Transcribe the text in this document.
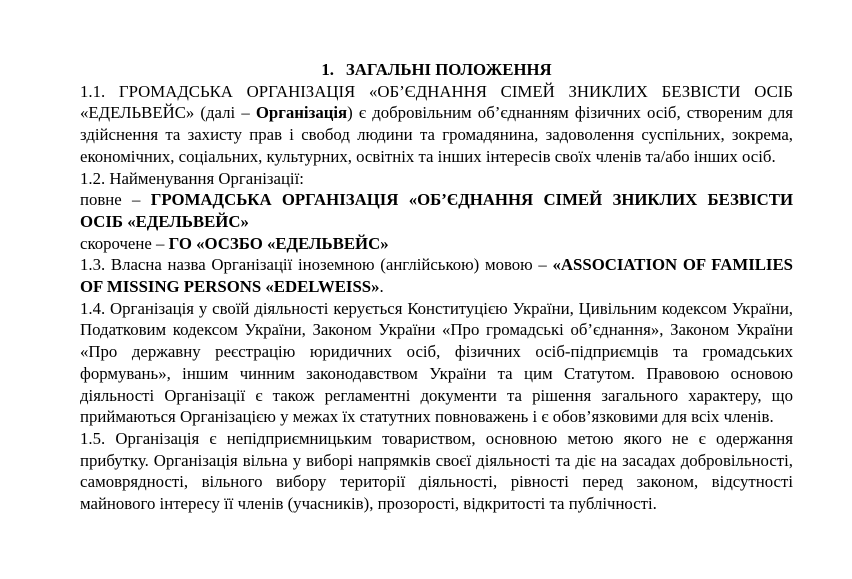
1. ЗАГАЛЬНІ ПОЛОЖЕННЯ

1.1. ГРОМАДСЬКА ОРГАНІЗАЦІЯ «ОБ’ЄДНАННЯ СІМЕЙ ЗНИКЛИХ БЕЗВІСТИ ОСІБ «ЕДЕЛЬВЕЙС» (далі – Організація) є добровільним об’єднанням фізичних осіб, створеним для здійснення та захисту прав і свобод людини та громадянина, задоволення суспільних, зокрема, економічних, соціальних, культурних, освітніх та інших інтересів своїх членів та/або інших осіб.

1.2. Найменування Організації:

повне – ГРОМАДСЬКА ОРГАНІЗАЦІЯ «ОБ’ЄДНАННЯ СІМЕЙ ЗНИКЛИХ БЕЗВІСТИ ОСІБ «ЕДЕЛЬВЕЙС»

скорочене – ГО «ОСЗБО «ЕДЕЛЬВЕЙС»

1.3. Власна назва Організації іноземною (англійською) мовою – «ASSOCIATION OF FAMILIES OF MISSING PERSONS «EDELWEISS».

1.4. Організація у своїй діяльності керується Конституцією України, Цивільним кодексом України, Податковим кодексом України, Законом України «Про громадські об’єднання», Законом України «Про державну реєстрацію юридичних осіб, фізичних осіб-підприємців та громадських формувань», іншим чинним законодавством України та цим Статутом. Правовою основою діяльності Організації є також регламентні документи та рішення загального характеру, що приймаються Організацією у межах їх статутних повноважень і є обов’язковими для всіх членів.

1.5. Організація є непідприємницьким товариством, основною метою якого не є одержання прибутку. Організація вільна у виборі напрямків своєї діяльності та діє на засадах добровільності, самоврядності, вільного вибору території діяльності, рівності перед законом, відсутності майнового інтересу її членів (учасників), прозорості, відкритості та публічності.
